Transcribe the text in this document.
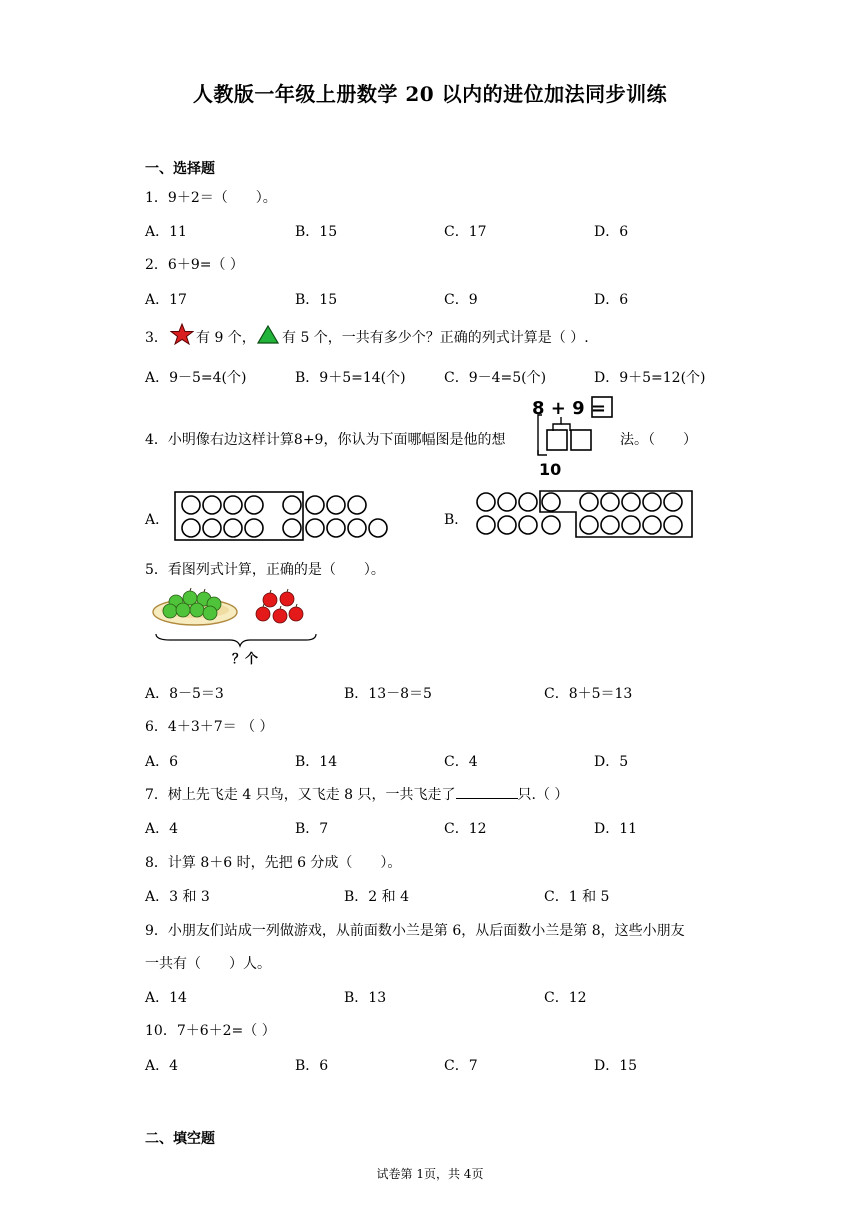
人教版一年级上册数学 20 以内的进位加法同步训练
一、选择题
1．9＋2＝（　　）。
A．11	B．15	C．17	D．6
2．6＋9=（ ）
A．17	B．15	C．9	D．6
3． 有 9 个， 有 5 个，一共有多少个？正确的列式计算是（ ）.
A．9－5=4(个)	B．9＋5=14(个)	C．9－4=5(个)	D．9＋5=12(个)
4．小明像右边这样计算8+9，你认为下面哪幅图是他的想
8 + 9 =
10
法。（　　）
A．	B．
5．看图列式计算，正确的是（　　）。
？个
A．8－5＝3	B．13－8＝5	C．8＋5＝13
6．4＋3＋7＝ （ ）
A．6	B．14	C．4	D．5
7．树上先飞走 4 只鸟，又飞走 8 只，一共飞走了	只.（ ）
A．4	B．7	C．12	D．11
8．计算 8＋6 时，先把 6 分成（　　）。
A．3 和 3	B．2 和 4	C．1 和 5
9．小朋友们站成一列做游戏，从前面数小兰是第 6，从后面数小兰是第 8，这些小朋友
一共有（　　）人。
A．14	B．13	C．12
10．7＋6＋2=（ ）
A．4	B．6	C．7	D．15
二、填空题
试卷第 1页，共 4页
